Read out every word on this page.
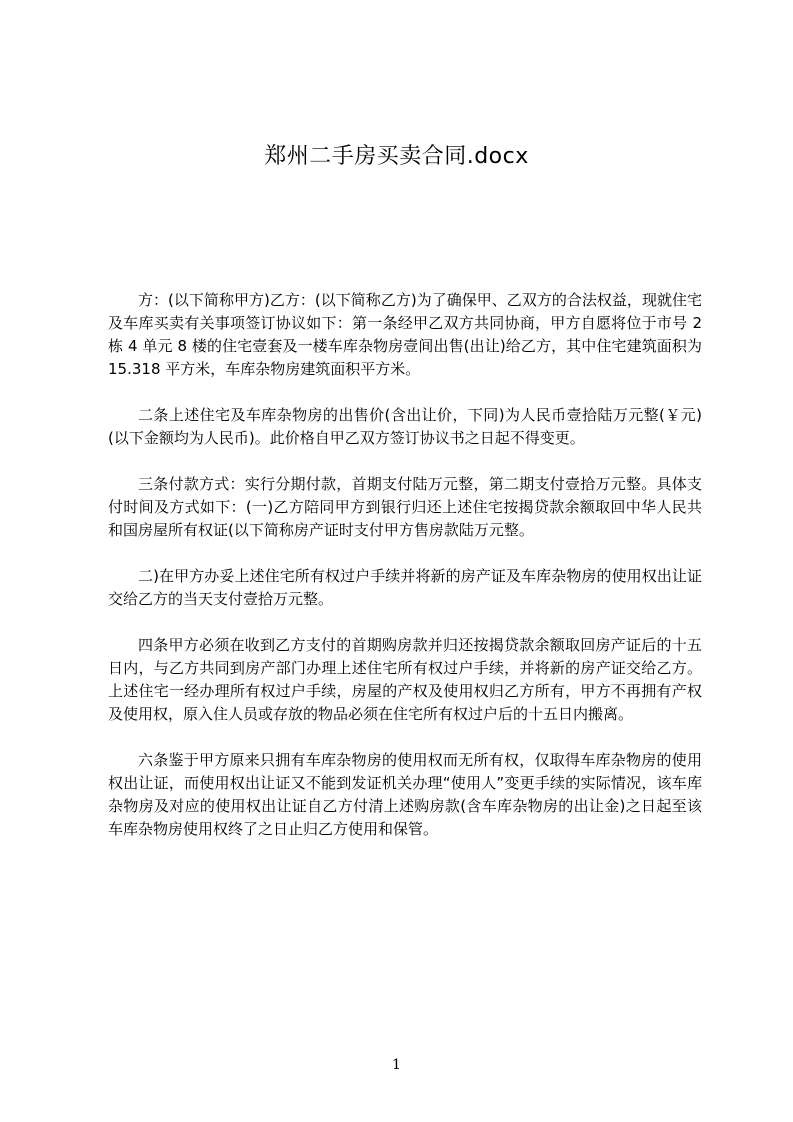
郑州二手房买卖合同.docx

方：(以下简称甲方)乙方：(以下简称乙方)为了确保甲、乙双方的合法权益，现就住宅及车库买卖有关事项签订协议如下：第一条经甲乙双方共同协商，甲方自愿将位于市号 2 栋 4 单元 8 楼的住宅壹套及一楼车库杂物房壹间出售(出让)给乙方，其中住宅建筑面积为 15.318 平方米，车库杂物房建筑面积平方米。

二条上述住宅及车库杂物房的出售价(含出让价，下同)为人民币壹拾陆万元整(￥元)(以下金额均为人民币)。此价格自甲乙双方签订协议书之日起不得变更。

三条付款方式：实行分期付款，首期支付陆万元整，第二期支付壹拾万元整。具体支付时间及方式如下：(一)乙方陪同甲方到银行归还上述住宅按揭贷款余额取回中华人民共和国房屋所有权证(以下简称房产证时支付甲方售房款陆万元整。

二)在甲方办妥上述住宅所有权过户手续并将新的房产证及车库杂物房的使用权出让证交给乙方的当天支付壹拾万元整。

四条甲方必须在收到乙方支付的首期购房款并归还按揭贷款余额取回房产证后的十五日内，与乙方共同到房产部门办理上述住宅所有权过户手续，并将新的房产证交给乙方。上述住宅一经办理所有权过户手续，房屋的产权及使用权归乙方所有，甲方不再拥有产权及使用权，原入住人员或存放的物品必须在住宅所有权过户后的十五日内搬离。

六条鉴于甲方原来只拥有车库杂物房的使用权而无所有权，仅取得车库杂物房的使用权出让证，而使用权出让证又不能到发证机关办理“使用人”变更手续的实际情况，该车库杂物房及对应的使用权出让证自乙方付清上述购房款(含车库杂物房的出让金)之日起至该车库杂物房使用权终了之日止归乙方使用和保管。

1
